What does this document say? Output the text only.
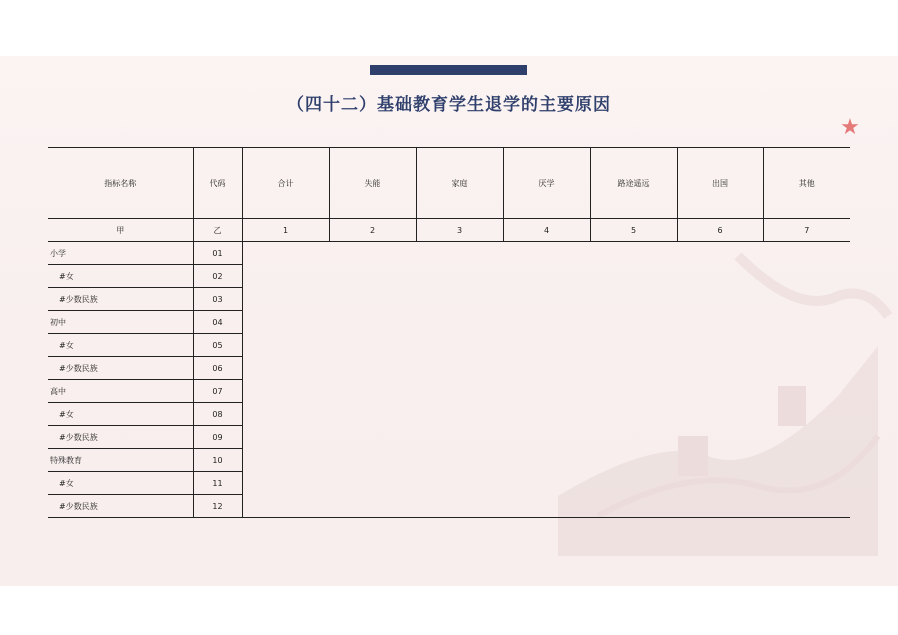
（四十二）基础教育学生退学的主要原因
★
指标名称	代码	合计	失能	家庭	厌学	路途遥远	出国	其他
甲	乙	1	2	3	4	5	6	7
小学	01							
#女	02							
#少数民族	03							
初中	04							
#女	05							
#少数民族	06							
高中	07							
#女	08							
#少数民族	09							
特殊教育	10							
#女	11							
#少数民族	12							
